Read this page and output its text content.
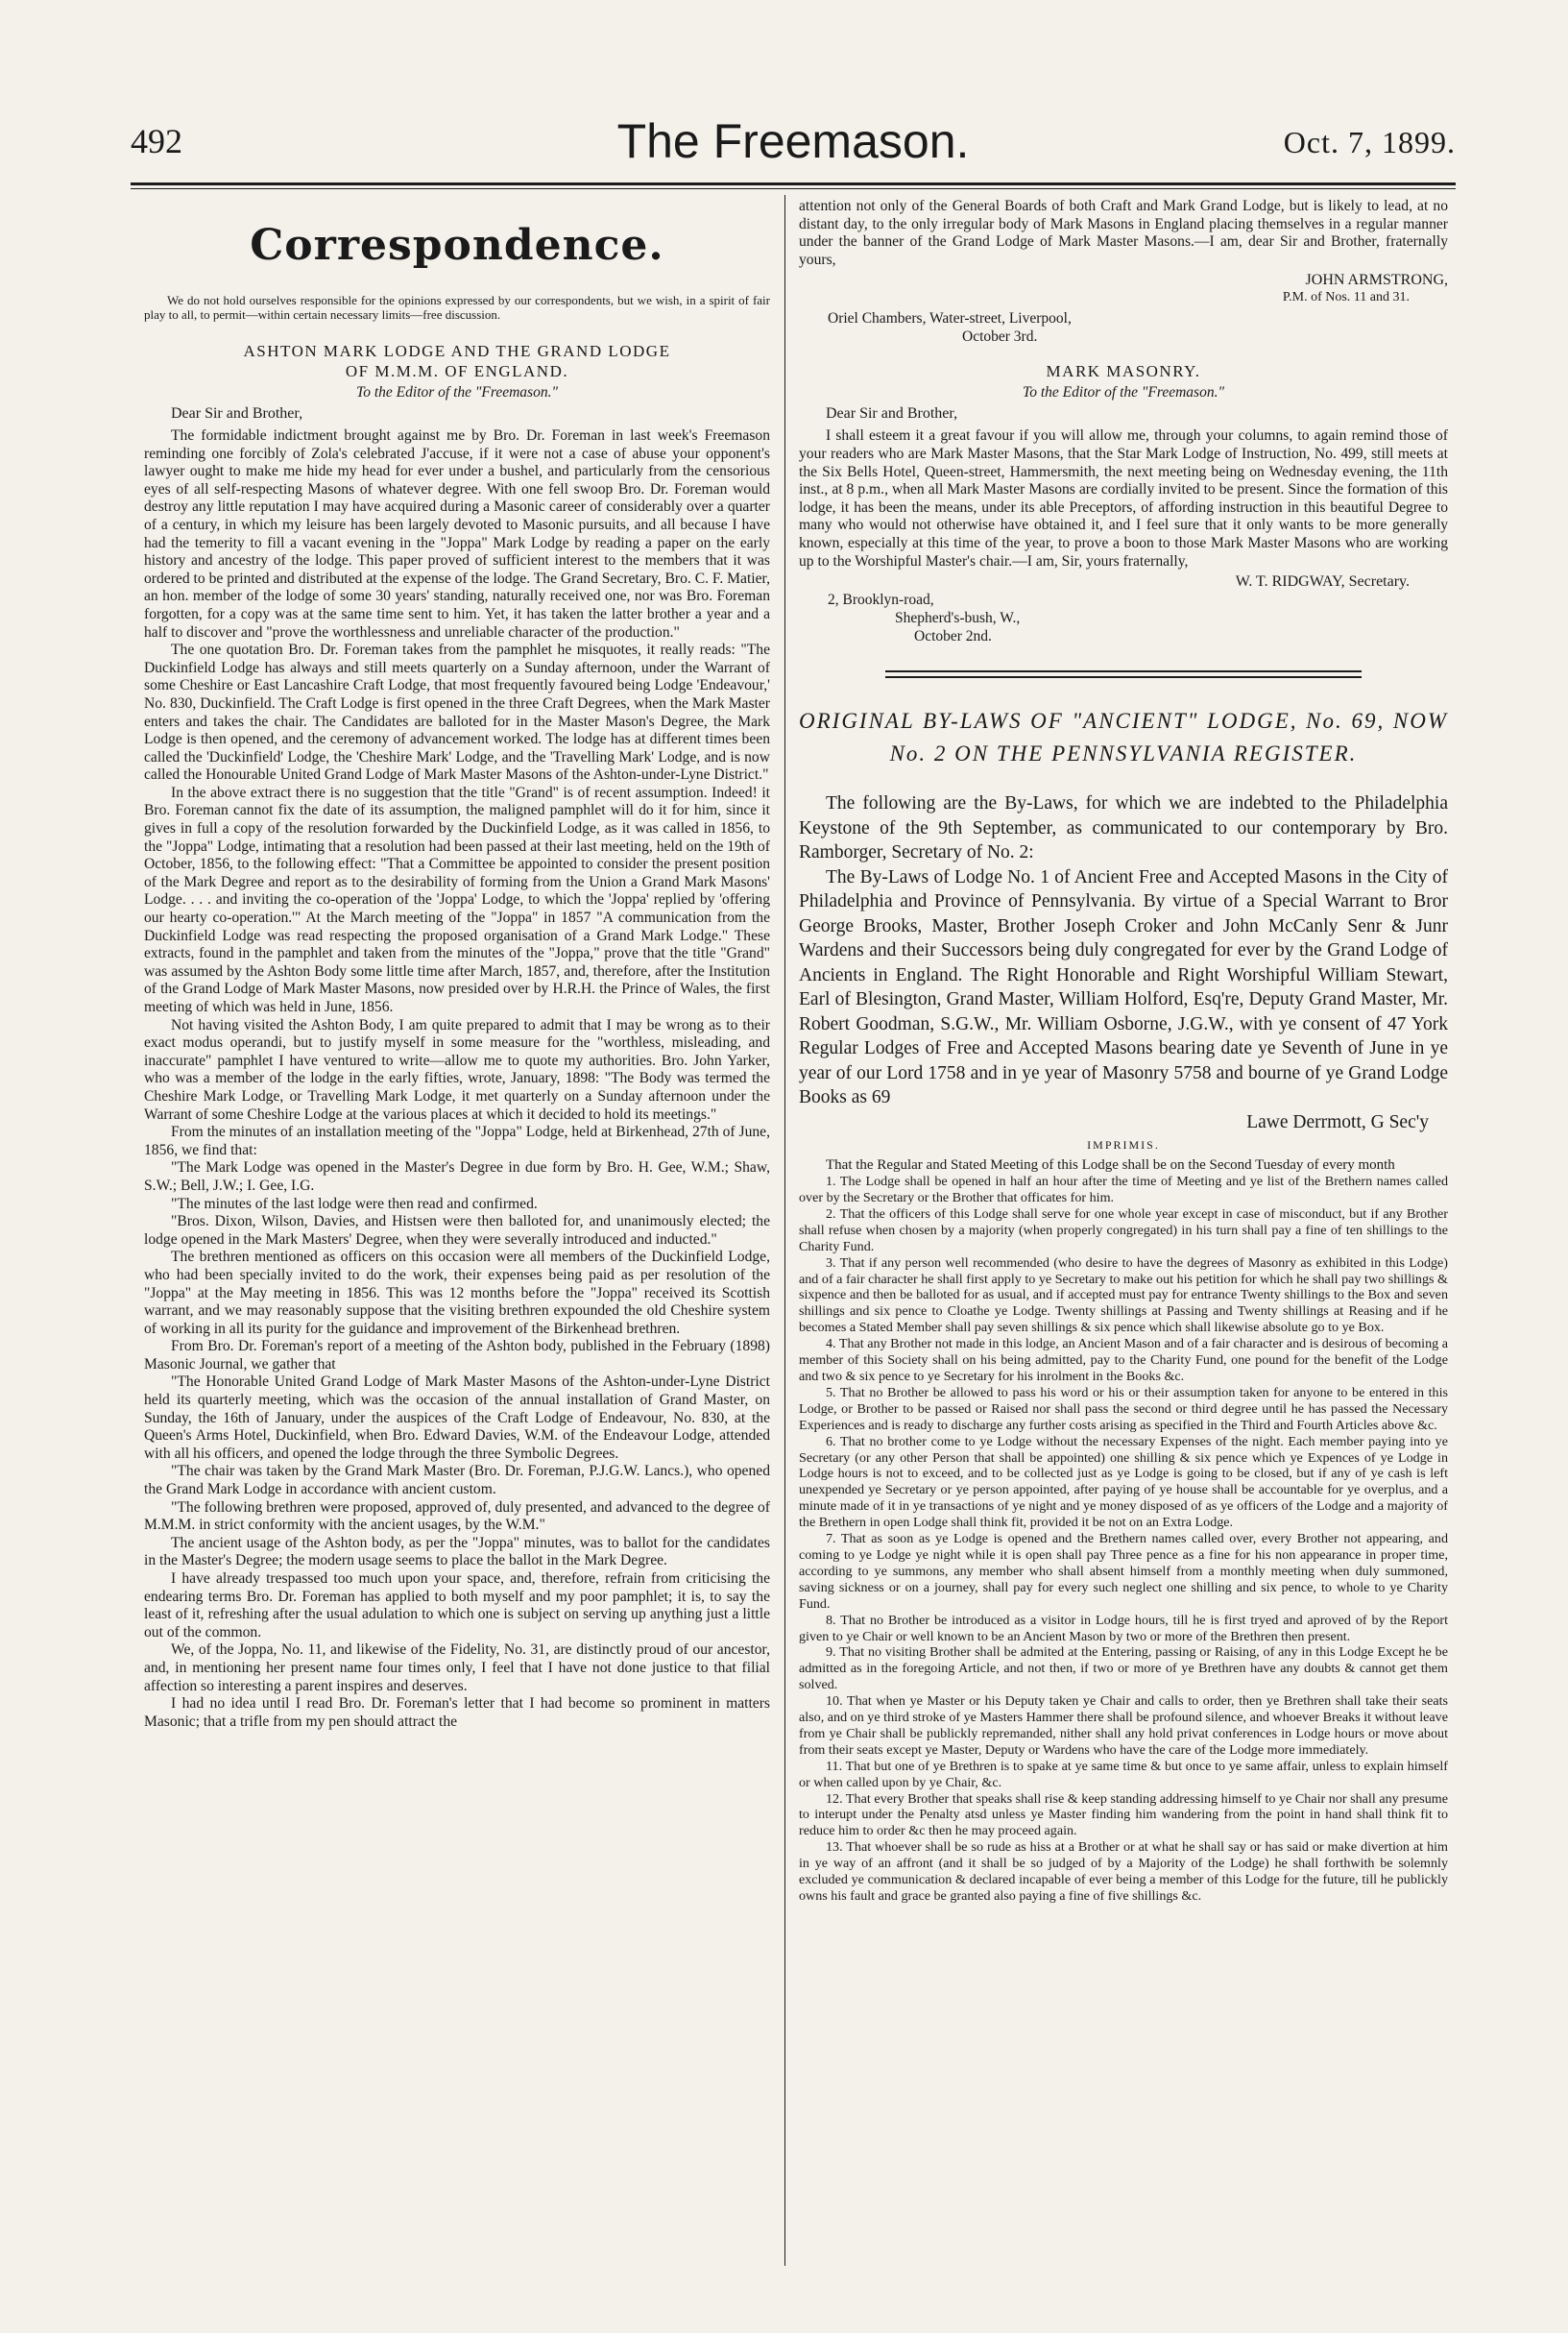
492	The Freemason.	Oct. 7, 1899.
Correspondence.

We do not hold ourselves responsible for the opinions expressed by our correspondents, but we wish, in a spirit of fair play to all, to permit—within certain necessary limits—free discussion.

ASHTON MARK LODGE AND THE GRAND LODGE

OF M.M.M. OF ENGLAND.

To the Editor of the "Freemason."

Dear Sir and Brother,

The formidable indictment brought against me by Bro. Dr. Foreman in last week's Freemason reminding one forcibly of Zola's celebrated J'accuse, if it were not a case of abuse your opponent's lawyer ought to make me hide my head for ever under a bushel, and particularly from the censorious eyes of all self-respecting Masons of whatever degree. With one fell swoop Bro. Dr. Foreman would destroy any little reputation I may have acquired during a Masonic career of considerably over a quarter of a century, in which my leisure has been largely devoted to Masonic pursuits, and all because I have had the temerity to fill a vacant evening in the "Joppa" Mark Lodge by reading a paper on the early history and ancestry of the lodge. This paper proved of sufficient interest to the members that it was ordered to be printed and distributed at the expense of the lodge. The Grand Secretary, Bro. C. F. Matier, an hon. member of the lodge of some 30 years' standing, naturally received one, nor was Bro. Foreman forgotten, for a copy was at the same time sent to him. Yet, it has taken the latter brother a year and a half to discover and "prove the worthlessness and unreliable character of the production."

The one quotation Bro. Dr. Foreman takes from the pamphlet he misquotes, it really reads: "The Duckinfield Lodge has always and still meets quarterly on a Sunday afternoon, under the Warrant of some Cheshire or East Lancashire Craft Lodge, that most frequently favoured being Lodge 'Endeavour,' No. 830, Duckinfield. The Craft Lodge is first opened in the three Craft Degrees, when the Mark Master enters and takes the chair. The Candidates are balloted for in the Master Mason's Degree, the Mark Lodge is then opened, and the ceremony of advancement worked. The lodge has at different times been called the 'Duckinfield' Lodge, the 'Cheshire Mark' Lodge, and the 'Travelling Mark' Lodge, and is now called the Honourable United Grand Lodge of Mark Master Masons of the Ashton-under-Lyne District."

In the above extract there is no suggestion that the title "Grand" is of recent assumption. Indeed! it Bro. Foreman cannot fix the date of its assumption, the maligned pamphlet will do it for him, since it gives in full a copy of the resolution forwarded by the Duckinfield Lodge, as it was called in 1856, to the "Joppa" Lodge, intimating that a resolution had been passed at their last meeting, held on the 19th of October, 1856, to the following effect: "That a Committee be appointed to consider the present position of the Mark Degree and report as to the desirability of forming from the Union a Grand Mark Masons' Lodge. . . . and inviting the co-operation of the 'Joppa' Lodge, to which the 'Joppa' replied by 'offering our hearty co-operation.'" At the March meeting of the "Joppa" in 1857 "A communication from the Duckinfield Lodge was read respecting the proposed organisation of a Grand Mark Lodge." These extracts, found in the pamphlet and taken from the minutes of the "Joppa," prove that the title "Grand" was assumed by the Ashton Body some little time after March, 1857, and, therefore, after the Institution of the Grand Lodge of Mark Master Masons, now presided over by H.R.H. the Prince of Wales, the first meeting of which was held in June, 1856.

Not having visited the Ashton Body, I am quite prepared to admit that I may be wrong as to their exact modus operandi, but to justify myself in some measure for the "worthless, misleading, and inaccurate" pamphlet I have ventured to write—allow me to quote my authorities. Bro. John Yarker, who was a member of the lodge in the early fifties, wrote, January, 1898: "The Body was termed the Cheshire Mark Lodge, or Travelling Mark Lodge, it met quarterly on a Sunday afternoon under the Warrant of some Cheshire Lodge at the various places at which it decided to hold its meetings."

From the minutes of an installation meeting of the "Joppa" Lodge, held at Birkenhead, 27th of June, 1856, we find that:

"The Mark Lodge was opened in the Master's Degree in due form by Bro. H. Gee, W.M.; Shaw, S.W.; Bell, J.W.; I. Gee, I.G.

"The minutes of the last lodge were then read and confirmed.

"Bros. Dixon, Wilson, Davies, and Histsen were then balloted for, and unanimously elected; the lodge opened in the Mark Masters' Degree, when they were severally introduced and inducted."

The brethren mentioned as officers on this occasion were all members of the Duckinfield Lodge, who had been specially invited to do the work, their expenses being paid as per resolution of the "Joppa" at the May meeting in 1856. This was 12 months before the "Joppa" received its Scottish warrant, and we may reasonably suppose that the visiting brethren expounded the old Cheshire system of working in all its purity for the guidance and improvement of the Birkenhead brethren.

From Bro. Dr. Foreman's report of a meeting of the Ashton body, published in the February (1898) Masonic Journal, we gather that

"The Honorable United Grand Lodge of Mark Master Masons of the Ashton-under-Lyne District held its quarterly meeting, which was the occasion of the annual installation of Grand Master, on Sunday, the 16th of January, under the auspices of the Craft Lodge of Endeavour, No. 830, at the Queen's Arms Hotel, Duckinfield, when Bro. Edward Davies, W.M. of the Endeavour Lodge, attended with all his officers, and opened the lodge through the three Symbolic Degrees.

"The chair was taken by the Grand Mark Master (Bro. Dr. Foreman, P.J.G.W. Lancs.), who opened the Grand Mark Lodge in accordance with ancient custom.

"The following brethren were proposed, approved of, duly presented, and advanced to the degree of M.M.M. in strict conformity with the ancient usages, by the W.M."

The ancient usage of the Ashton body, as per the "Joppa" minutes, was to ballot for the candidates in the Master's Degree; the modern usage seems to place the ballot in the Mark Degree.

I have already trespassed too much upon your space, and, therefore, refrain from criticising the endearing terms Bro. Dr. Foreman has applied to both myself and my poor pamphlet; it is, to say the least of it, refreshing after the usual adulation to which one is subject on serving up anything just a little out of the common.

We, of the Joppa, No. 11, and likewise of the Fidelity, No. 31, are distinctly proud of our ancestor, and, in mentioning her present name four times only, I feel that I have not done justice to that filial affection so interesting a parent inspires and deserves.

I had no idea until I read Bro. Dr. Foreman's letter that I had become so prominent in matters Masonic; that a trifle from my pen should attract the

attention not only of the General Boards of both Craft and Mark Grand Lodge, but is likely to lead, at no distant day, to the only irregular body of Mark Masons in England placing themselves in a regular manner under the banner of the Grand Lodge of Mark Master Masons.—I am, dear Sir and Brother, fraternally yours,

JOHN ARMSTRONG,

P.M. of Nos. 11 and 31.

Oriel Chambers, Water-street, Liverpool,

October 3rd.

MARK MASONRY.

To the Editor of the "Freemason."

Dear Sir and Brother,

I shall esteem it a great favour if you will allow me, through your columns, to again remind those of your readers who are Mark Master Masons, that the Star Mark Lodge of Instruction, No. 499, still meets at the Six Bells Hotel, Queen-street, Hammersmith, the next meeting being on Wednesday evening, the 11th inst., at 8 p.m., when all Mark Master Masons are cordially invited to be present. Since the formation of this lodge, it has been the means, under its able Preceptors, of affording instruction in this beautiful Degree to many who would not otherwise have obtained it, and I feel sure that it only wants to be more generally known, especially at this time of the year, to prove a boon to those Mark Master Masons who are working up to the Worshipful Master's chair.—I am, Sir, yours fraternally,

W. T. RIDGWAY, Secretary.

2, Brooklyn-road,

Shepherd's-bush, W.,

October 2nd.

ORIGINAL BY-LAWS OF "ANCIENT" LODGE, No. 69, NOW No. 2 ON THE PENNSYLVANIA REGISTER.

The following are the By-Laws, for which we are indebted to the Philadelphia Keystone of the 9th September, as communicated to our contemporary by Bro. Ramborger, Secretary of No. 2:

The By-Laws of Lodge No. 1 of Ancient Free and Accepted Masons in the City of Philadelphia and Province of Pennsylvania. By virtue of a Special Warrant to Bror George Brooks, Master, Brother Joseph Croker and John McCanly Senr & Junr Wardens and their Successors being duly congregated for ever by the Grand Lodge of Ancients in England. The Right Honorable and Right Worshipful William Stewart, Earl of Blesington, Grand Master, William Holford, Esq're, Deputy Grand Master, Mr. Robert Goodman, S.G.W., Mr. William Osborne, J.G.W., with ye consent of 47 York Regular Lodges of Free and Accepted Masons bearing date ye Seventh of June in ye year of our Lord 1758 and in ye year of Masonry 5758 and bourne of ye Grand Lodge Books as 69

Lawe Derrmott, G Sec'y

IMPRIMIS.

That the Regular and Stated Meeting of this Lodge shall be on the Second Tuesday of every month

1. The Lodge shall be opened in half an hour after the time of Meeting and ye list of the Brethern names called over by the Secretary or the Brother that officates for him.

2. That the officers of this Lodge shall serve for one whole year except in case of misconduct, but if any Brother shall refuse when chosen by a majority (when properly congregated) in his turn shall pay a fine of ten shillings to the Charity Fund.

3. That if any person well recommended (who desire to have the degrees of Masonry as exhibited in this Lodge) and of a fair character he shall first apply to ye Secretary to make out his petition for which he shall pay two shillings & sixpence and then be balloted for as usual, and if accepted must pay for entrance Twenty shillings to the Box and seven shillings and six pence to Cloathe ye Lodge. Twenty shillings at Passing and Twenty shillings at Reasing and if he becomes a Stated Member shall pay seven shillings & six pence which shall likewise absolute go to ye Box.

4. That any Brother not made in this lodge, an Ancient Mason and of a fair character and is desirous of becoming a member of this Society shall on his being admitted, pay to the Charity Fund, one pound for the benefit of the Lodge and two & six pence to ye Secretary for his inrolment in the Books &c.

5. That no Brother be allowed to pass his word or his or their assumption taken for anyone to be entered in this Lodge, or Brother to be passed or Raised nor shall pass the second or third degree until he has passed the Necessary Experiences and is ready to discharge any further costs arising as specified in the Third and Fourth Articles above &c.

6. That no brother come to ye Lodge without the necessary Expenses of the night. Each member paying into ye Secretary (or any other Person that shall be appointed) one shilling & six pence which ye Expences of ye Lodge in Lodge hours is not to exceed, and to be collected just as ye Lodge is going to be closed, but if any of ye cash is left unexpended ye Secretary or ye person appointed, after paying of ye house shall be accountable for ye overplus, and a minute made of it in ye transactions of ye night and ye money disposed of as ye officers of the Lodge and a majority of the Brethern in open Lodge shall think fit, provided it be not on an Extra Lodge.

7. That as soon as ye Lodge is opened and the Brethern names called over, every Brother not appearing, and coming to ye Lodge ye night while it is open shall pay Three pence as a fine for his non appearance in proper time, according to ye summons, any member who shall absent himself from a monthly meeting when duly summoned, saving sickness or on a journey, shall pay for every such neglect one shilling and six pence, to whole to ye Charity Fund.

8. That no Brother be introduced as a visitor in Lodge hours, till he is first tryed and aproved of by the Report given to ye Chair or well known to be an Ancient Mason by two or more of the Brethren then present.

9. That no visiting Brother shall be admited at the Entering, passing or Raising, of any in this Lodge Except he be admitted as in the foregoing Article, and not then, if two or more of ye Brethren have any doubts & cannot get them solved.

10. That when ye Master or his Deputy taken ye Chair and calls to order, then ye Brethren shall take their seats also, and on ye third stroke of ye Masters Hammer there shall be profound silence, and whoever Breaks it without leave from ye Chair shall be publickly repremanded, nither shall any hold privat conferences in Lodge hours or move about from their seats except ye Master, Deputy or Wardens who have the care of the Lodge more immediately.

11. That but one of ye Brethren is to spake at ye same time & but once to ye same affair, unless to explain himself or when called upon by ye Chair, &c.

12. That every Brother that speaks shall rise & keep standing addressing himself to ye Chair nor shall any presume to interupt under the Penalty atsd unless ye Master finding him wandering from the point in hand shall think fit to reduce him to order &c then he may proceed again.

13. That whoever shall be so rude as hiss at a Brother or at what he shall say or has said or make divertion at him in ye way of an affront (and it shall be so judged of by a Majority of the Lodge) he shall forthwith be solemnly excluded ye communication & declared incapable of ever being a member of this Lodge for the future, till he publickly owns his fault and grace be granted also paying a fine of five shillings &c.
